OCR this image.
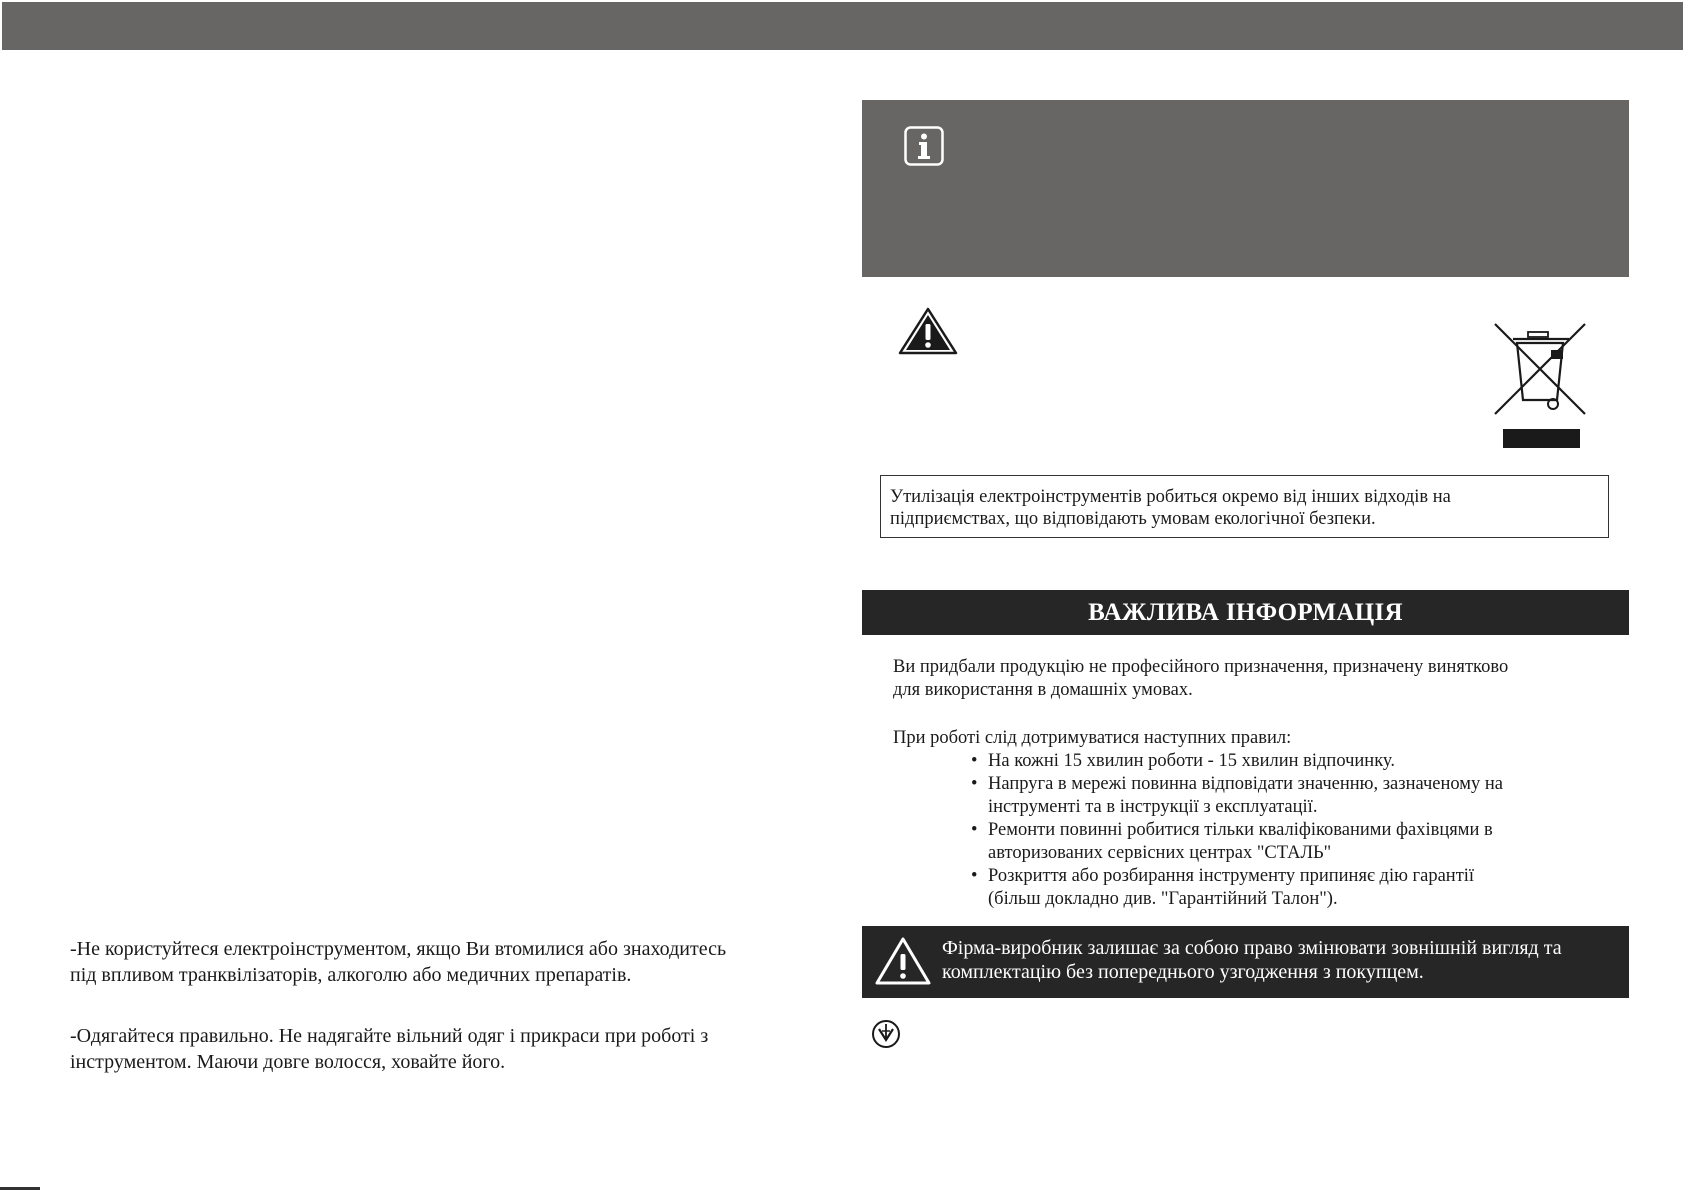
-Не користуйтеся електроінструментом, якщо Ви втомилися або знаходитесь

під впливом транквілізаторів, алкоголю або медичних препаратів.

-Одягайтеся правильно. Не надягайте вільний одяг і прикраси при роботі з

інструментом. Маючи довге волосся, ховайте його.

Утилізація електроінструментів робиться окремо від інших відходів на

підприємствах, що відповідають умовам екологічної безпеки.

ВАЖЛИВА ІНФОРМАЦІЯ

Ви придбали продукцію не професійного призначення, призначену винятково

для використання в домашніх умовах.

При роботі слід дотримуватися наступних правил:

• На кожні 15 хвилин роботи - 15 хвилин відпочинку.
• Напруга в мережі повинна відповідати значенню, зазначеному на
інструменті та в інструкції з експлуатації.
• Ремонти повинні робитися тільки кваліфікованими фахівцями в
авторизованих сервісних центрах "СТАЛЬ"
• Розкриття або розбирання інструменту припиняє дію гарантії
(більш докладно див. "Гарантійний Талон").

Фірма-виробник залишає за собою право змінювати зовнішній вигляд та

комплектацію без попереднього узгодження з покупцем.
